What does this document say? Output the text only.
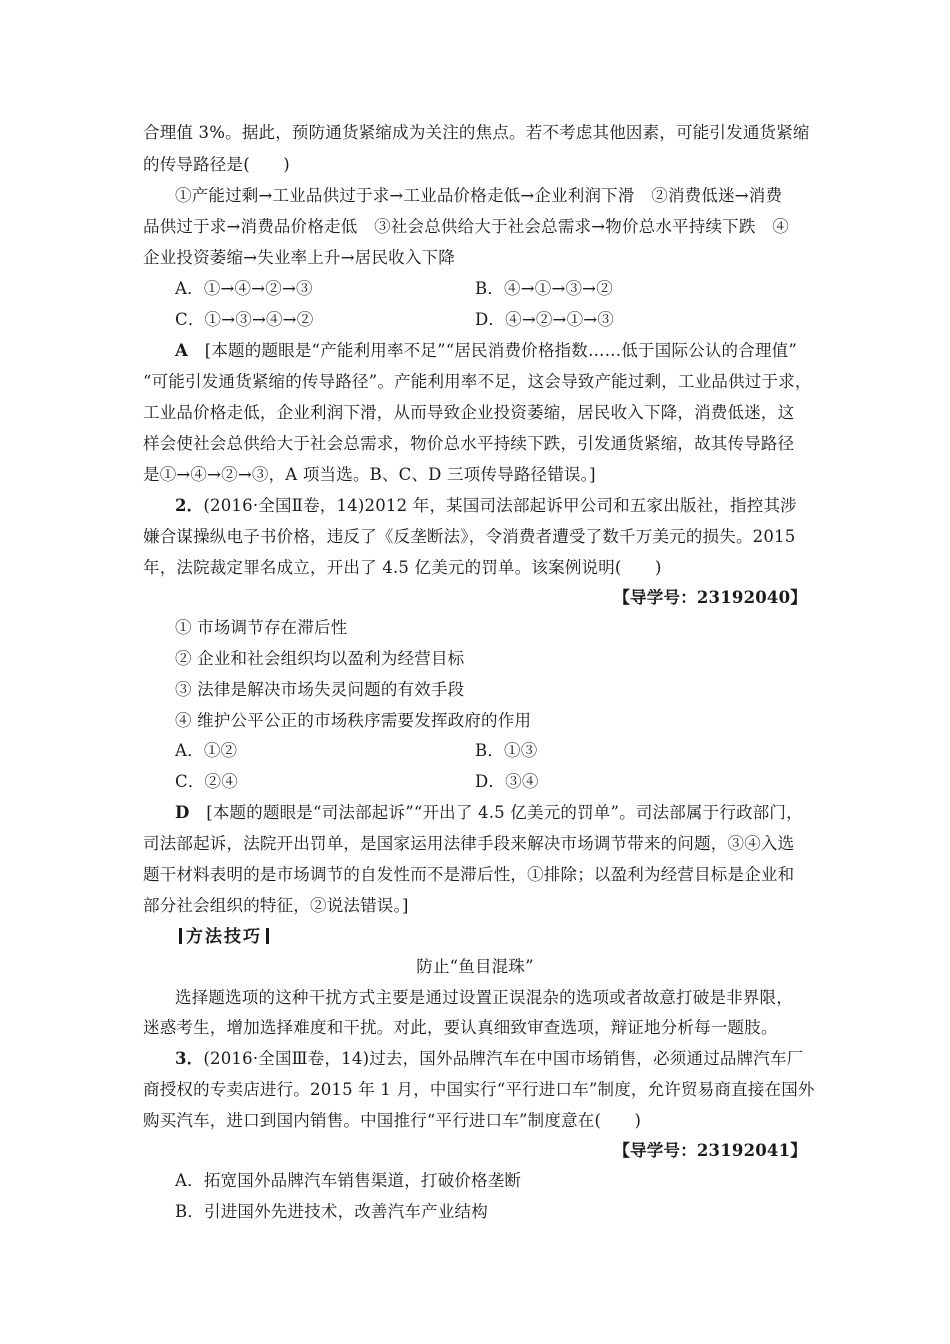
合理值 3%。据此，预防通货紧缩成为关注的焦点。若不考虑其他因素，可能引发通货紧缩
的传导路径是(　　)
①产能过剩→工业品供过于求→工业品价格走低→企业利润下滑　②消费低迷→消费
品供过于求→消费品价格走低　③社会总供给大于社会总需求→物价总水平持续下跌　④
企业投资萎缩→失业率上升→居民收入下降
A．①→④→②→③	B．④→①→③→②
C．①→③→④→②	D．④→②→①→③
A　[本题的题眼是“产能利用率不足”“居民消费价格指数……低于国际公认的合理值”
“可能引发通货紧缩的传导路径”。产能利用率不足，这会导致产能过剩，工业品供过于求，
工业品价格走低，企业利润下滑，从而导致企业投资萎缩，居民收入下降，消费低迷，这
样会使社会总供给大于社会总需求，物价总水平持续下跌，引发通货紧缩，故其传导路径
是①→④→②→③，A 项当选。B、C、D 三项传导路径错误。]
2．(2016·全国Ⅱ卷，14)2012 年，某国司法部起诉甲公司和五家出版社，指控其涉
嫌合谋操纵电子书价格，违反了《反垄断法》，令消费者遭受了数千万美元的损失。2015
年，法院裁定罪名成立，开出了 4.5 亿美元的罚单。该案例说明(　　)
【导学号：23192040】
① 市场调节存在滞后性
② 企业和社会组织均以盈利为经营目标
③ 法律是解决市场失灵问题的有效手段
④ 维护公平公正的市场秩序需要发挥政府的作用
A．①②	B．①③
C．②④	D．③④
D　[本题的题眼是“司法部起诉”“开出了 4.5 亿美元的罚单”。司法部属于行政部门，
司法部起诉，法院开出罚单，是国家运用法律手段来解决市场调节带来的问题，③④入选
题干材料表明的是市场调节的自发性而不是滞后性，①排除；以盈利为经营目标是企业和
部分社会组织的特征，②说法错误。]
方法技巧
防止“鱼目混珠”
选择题选项的这种干扰方式主要是通过设置正误混杂的选项或者故意打破是非界限，
迷惑考生，增加选择难度和干扰。对此，要认真细致审查选项，辩证地分析每一题肢。
3．(2016·全国Ⅲ卷，14)过去，国外品牌汽车在中国市场销售，必须通过品牌汽车厂
商授权的专卖店进行。2015 年 1 月，中国实行“平行进口车”制度，允许贸易商直接在国外
购买汽车，进口到国内销售。中国推行“平行进口车”制度意在(　　)
【导学号：23192041】
A．拓宽国外品牌汽车销售渠道，打破价格垄断
B．引进国外先进技术，改善汽车产业结构
